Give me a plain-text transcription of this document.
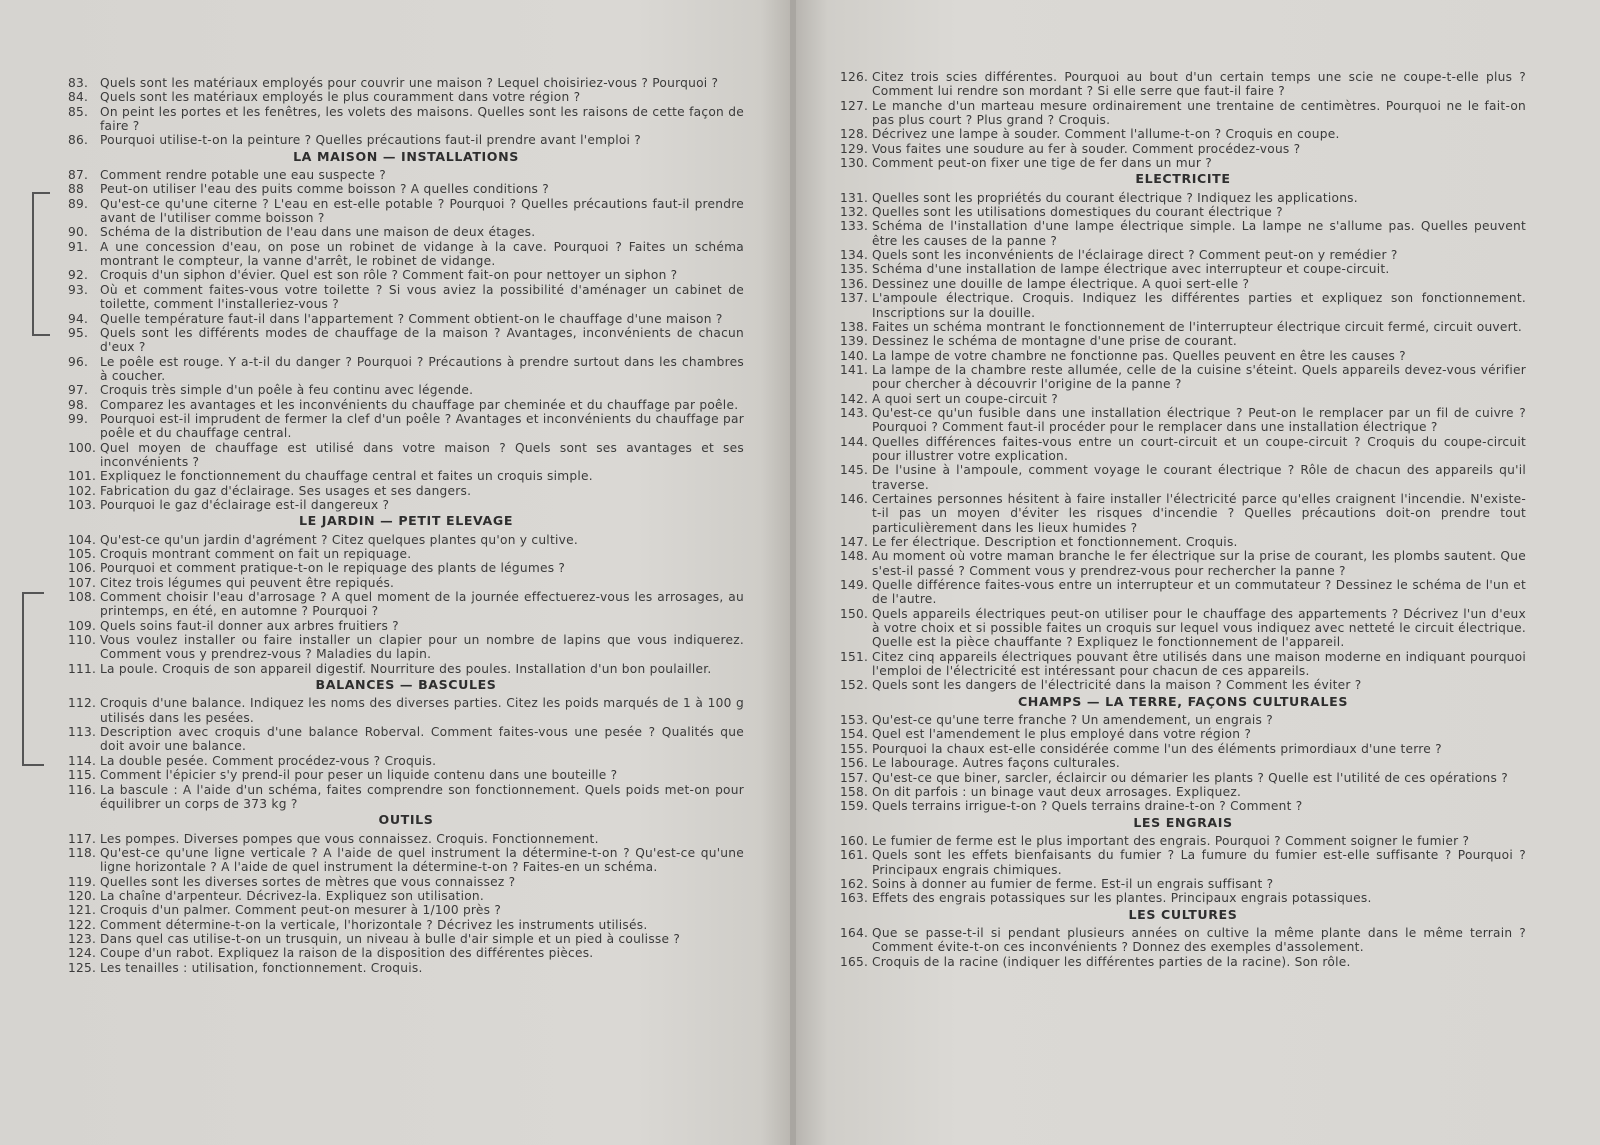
83. Quels sont les matériaux employés pour couvrir une maison ? Lequel choisiriez-vous ? Pourquoi ?
84. Quels sont les matériaux employés le plus couramment dans votre région ?
85. On peint les portes et les fenêtres, les volets des maisons. Quelles sont les raisons de cette façon de faire ?
86. Pourquoi utilise-t-on la peinture ? Quelles précautions faut-il prendre avant l'emploi ?
LA MAISON — INSTALLATIONS
87. Comment rendre potable une eau suspecte ?
88	Peut-on utiliser l'eau des puits comme boisson ? A quelles conditions ?
89. Qu'est-ce qu'une citerne ? L'eau en est-elle potable ? Pourquoi ? Quelles précautions faut-il prendre avant de l'utiliser comme boisson ?
90. Schéma de la distribution de l'eau dans une maison de deux étages.
91. A une concession d'eau, on pose un robinet de vidange à la cave. Pourquoi ? Faites un schéma montrant le compteur, la vanne d'arrêt, le robinet de vidange.
92. Croquis d'un siphon d'évier. Quel est son rôle ? Comment fait-on pour nettoyer un siphon ?
93. Où et comment faites-vous votre toilette ? Si vous aviez la possibilité d'aménager un cabinet de toilette, comment l'installeriez-vous ?
94. Quelle température faut-il dans l'appartement ? Comment obtient-on le chauffage d'une maison ?
95. Quels sont les différents modes de chauffage de la maison ? Avantages, inconvénients de chacun d'eux ?
96. Le poêle est rouge. Y a-t-il du danger ? Pourquoi ? Précautions à prendre surtout dans les chambres à coucher.
97. Croquis très simple d'un poêle à feu continu avec légende.
98. Comparez les avantages et les inconvénients du chauffage par cheminée et du chauffage par poêle.
99. Pourquoi est-il imprudent de fermer la clef d'un poêle ? Avantages et inconvénients du chauffage par poêle et du chauffage central.
100. Quel moyen de chauffage est utilisé dans votre maison ? Quels sont ses avantages et ses inconvénients ?
101. Expliquez le fonctionnement du chauffage central et faites un croquis simple.
102. Fabrication du gaz d'éclairage. Ses usages et ses dangers.
103. Pourquoi le gaz d'éclairage est-il dangereux ?
LE JARDIN — PETIT ELEVAGE
104. Qu'est-ce qu'un jardin d'agrément ? Citez quelques plantes qu'on y cultive.
105. Croquis montrant comment on fait un repiquage.
106. Pourquoi et comment pratique-t-on le repiquage des plants de légumes ?
107. Citez trois légumes qui peuvent être repiqués.
108. Comment choisir l'eau d'arrosage ? A quel moment de la journée effectuerez-vous les arrosages, au printemps, en été, en automne ? Pourquoi ?
109. Quels soins faut-il donner aux arbres fruitiers ?
110. Vous voulez installer ou faire installer un clapier pour un nombre de lapins que vous indiquerez. Comment vous y prendrez-vous ? Maladies du lapin.
111. La poule. Croquis de son appareil digestif. Nourriture des poules. Installation d'un bon poulailler.
BALANCES — BASCULES
112. Croquis d'une balance. Indiquez les noms des diverses parties. Citez les poids marqués de 1 à 100 g utilisés dans les pesées.
113. Description avec croquis d'une balance Roberval. Comment faites-vous une pesée ? Qualités que doit avoir une balance.
114. La double pesée. Comment procédez-vous ? Croquis.
115. Comment l'épicier s'y prend-il pour peser un liquide contenu dans une bouteille ?
116. La bascule : A l'aide d'un schéma, faites comprendre son fonctionnement. Quels poids met-on pour équilibrer un corps de 373 kg ?
OUTILS
117. Les pompes. Diverses pompes que vous connaissez. Croquis. Fonctionnement.
118. Qu'est-ce qu'une ligne verticale ? A l'aide de quel instrument la détermine-t-on ? Qu'est-ce qu'une ligne horizontale ? A l'aide de quel instrument la détermine-t-on ? Faites-en un schéma.
119. Quelles sont les diverses sortes de mètres que vous connaissez ?
120. La chaîne d'arpenteur. Décrivez-la. Expliquez son utilisation.
121. Croquis d'un palmer. Comment peut-on mesurer à 1/100 près ?
122. Comment détermine-t-on la verticale, l'horizontale ? Décrivez les instruments utilisés.
123. Dans quel cas utilise-t-on un trusquin, un niveau à bulle d'air simple et un pied à coulisse ?
124. Coupe d'un rabot. Expliquez la raison de la disposition des différentes pièces.
125. Les tenailles : utilisation, fonctionnement. Croquis.
126. Citez trois scies différentes. Pourquoi au bout d'un certain temps une scie ne coupe-t-elle plus ? Comment lui rendre son mordant ? Si elle serre que faut-il faire ?
127. Le manche d'un marteau mesure ordinairement une trentaine de centimètres. Pourquoi ne le fait-on pas plus court ? Plus grand ? Croquis.
128. Décrivez une lampe à souder. Comment l'allume-t-on ? Croquis en coupe.
129. Vous faites une soudure au fer à souder. Comment procédez-vous ?
130. Comment peut-on fixer une tige de fer dans un mur ?
ELECTRICITE
131. Quelles sont les propriétés du courant électrique ? Indiquez les applications.
132. Quelles sont les utilisations domestiques du courant électrique ?
133. Schéma de l'installation d'une lampe électrique simple. La lampe ne s'allume pas. Quelles peuvent être les causes de la panne ?
134. Quels sont les inconvénients de l'éclairage direct ? Comment peut-on y remédier ?
135. Schéma d'une installation de lampe électrique avec interrupteur et coupe-circuit.
136. Dessinez une douille de lampe électrique. A quoi sert-elle ?
137. L'ampoule électrique. Croquis. Indiquez les différentes parties et expliquez son fonctionnement. Inscriptions sur la douille.
138. Faites un schéma montrant le fonctionnement de l'interrupteur électrique circuit fermé, circuit ouvert.
139. Dessinez le schéma de montagne d'une prise de courant.
140. La lampe de votre chambre ne fonctionne pas. Quelles peuvent en être les causes ?
141. La lampe de la chambre reste allumée, celle de la cuisine s'éteint. Quels appareils devez-vous vérifier pour chercher à découvrir l'origine de la panne ?
142. A quoi sert un coupe-circuit ?
143. Qu'est-ce qu'un fusible dans une installation électrique ? Peut-on le remplacer par un fil de cuivre ? Pourquoi ? Comment faut-il procéder pour le remplacer dans une installation électrique ?
144. Quelles différences faites-vous entre un court-circuit et un coupe-circuit ? Croquis du coupe-circuit pour illustrer votre explication.
145. De l'usine à l'ampoule, comment voyage le courant électrique ? Rôle de chacun des appareils qu'il traverse.
146. Certaines personnes hésitent à faire installer l'électricité parce qu'elles craignent l'incendie. N'existe-t-il pas un moyen d'éviter les risques d'incendie ? Quelles précautions doit-on prendre tout particulièrement dans les lieux humides ?
147. Le fer électrique. Description et fonctionnement. Croquis.
148. Au moment où votre maman branche le fer électrique sur la prise de courant, les plombs sautent. Que s'est-il passé ? Comment vous y prendrez-vous pour rechercher la panne ?
149. Quelle différence faites-vous entre un interrupteur et un commutateur ? Dessinez le schéma de l'un et de l'autre.
150. Quels appareils électriques peut-on utiliser pour le chauffage des appartements ? Décrivez l'un d'eux à votre choix et si possible faites un croquis sur lequel vous indiquez avec netteté le circuit électrique. Quelle est la pièce chauffante ? Expliquez le fonctionnement de l'appareil.
151. Citez cinq appareils électriques pouvant être utilisés dans une maison moderne en indiquant pourquoi l'emploi de l'électricité est intéressant pour chacun de ces appareils.
152. Quels sont les dangers de l'électricité dans la maison ? Comment les éviter ?
CHAMPS — LA TERRE, FAÇONS CULTURALES
153. Qu'est-ce qu'une terre franche ? Un amendement, un engrais ?
154. Quel est l'amendement le plus employé dans votre région ?
155. Pourquoi la chaux est-elle considérée comme l'un des éléments primordiaux d'une terre ?
156. Le labourage. Autres façons culturales.
157. Qu'est-ce que biner, sarcler, éclaircir ou démarier les plants ? Quelle est l'utilité de ces opérations ?
158. On dit parfois : un binage vaut deux arrosages. Expliquez.
159. Quels terrains irrigue-t-on ? Quels terrains draine-t-on ? Comment ?
LES ENGRAIS
160. Le fumier de ferme est le plus important des engrais. Pourquoi ? Comment soigner le fumier ?
161. Quels sont les effets bienfaisants du fumier ? La fumure du fumier est-elle suffisante ? Pourquoi ? Principaux engrais chimiques.
162. Soins à donner au fumier de ferme. Est-il un engrais suffisant ?
163. Effets des engrais potassiques sur les plantes. Principaux engrais potassiques.
LES CULTURES
164. Que se passe-t-il si pendant plusieurs années on cultive la même plante dans le même terrain ? Comment évite-t-on ces inconvénients ? Donnez des exemples d'assolement.
165. Croquis de la racine (indiquer les différentes parties de la racine). Son rôle.
